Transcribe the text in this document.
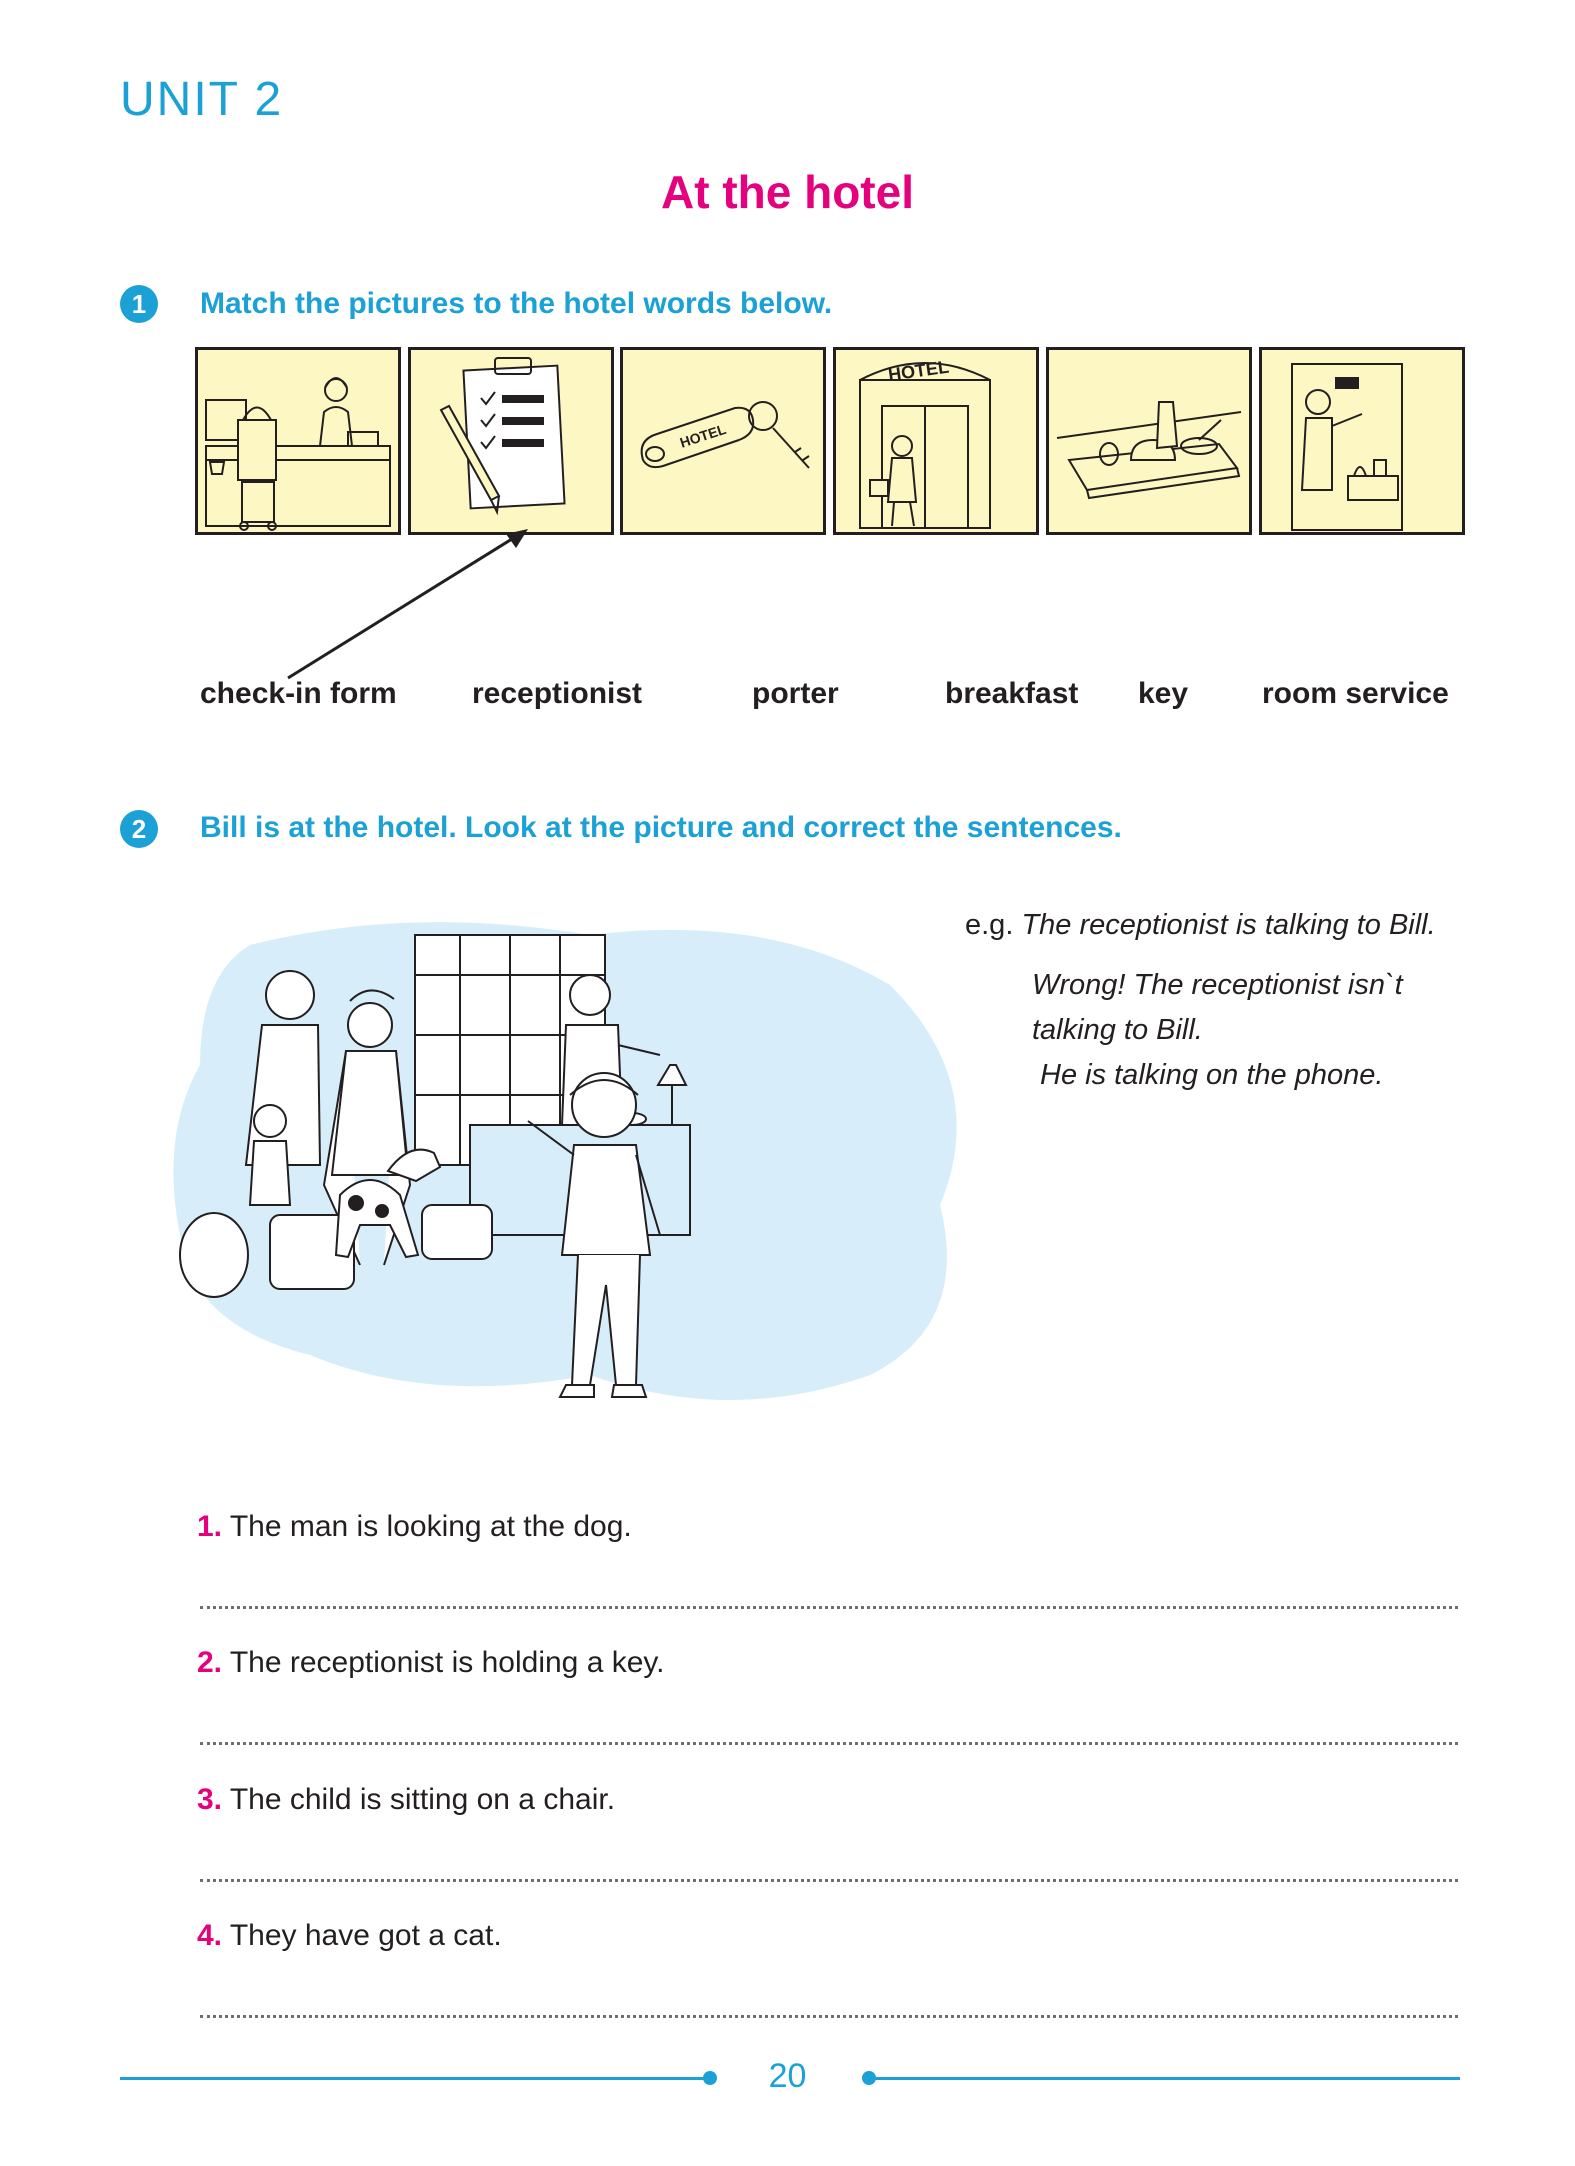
UNIT 2
At the hotel
1	Match the pictures to the hotel words below.
HOTEL
HOTEL
check-in form	receptionist	porter	breakfast key room service
2	Bill is at the hotel. Look at the picture and correct the sentences.
e.g. The receptionist is talking to Bill.
Wrong! The receptionist isn`t
talking to Bill.
He is talking on the phone.
1. The man is looking at the dog.
2. The receptionist is holding a key.
3. The child is sitting on a chair.
4. They have got a cat.
20
